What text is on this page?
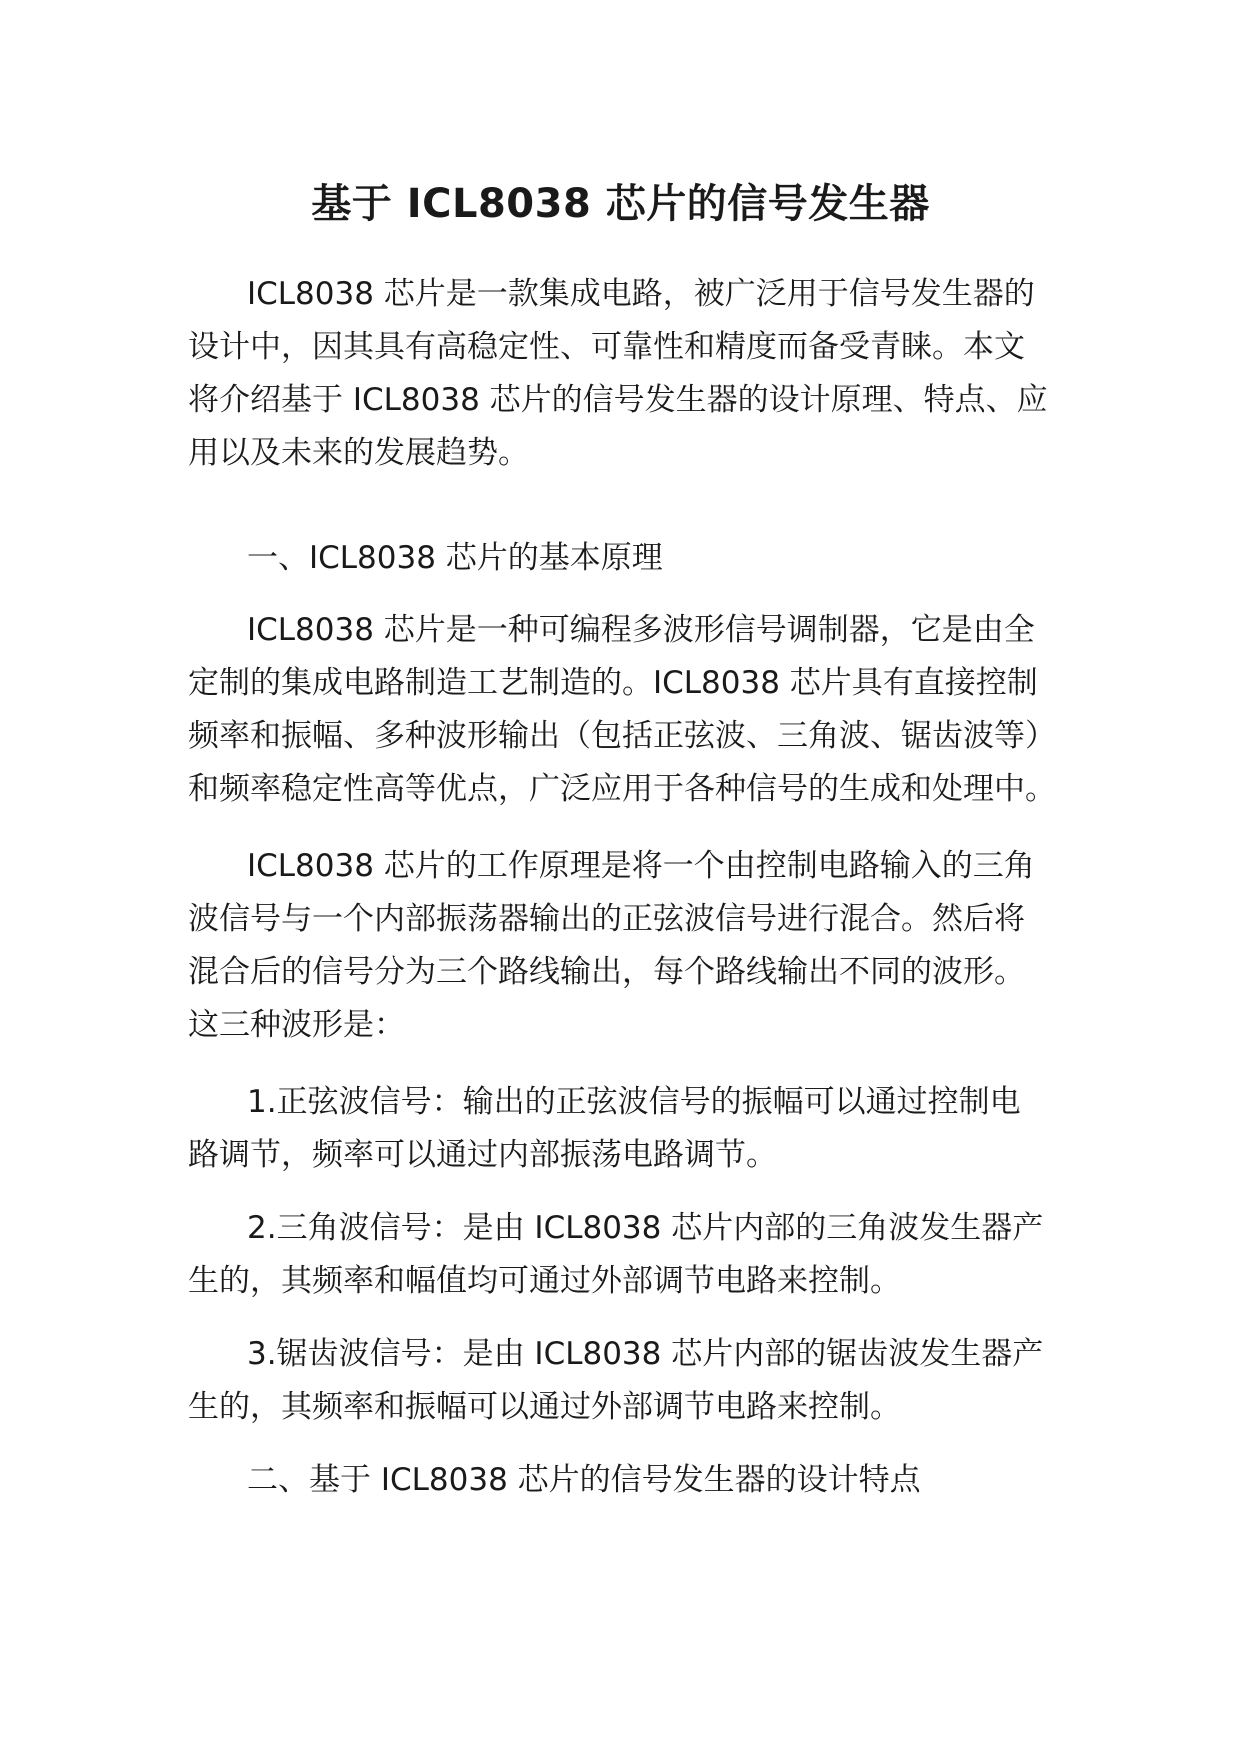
基于 ICL8038 芯片的信号发生器

ICL8038 芯片是一款集成电路，被广泛用于信号发生器的
设计中，因其具有高稳定性、可靠性和精度而备受青睐。本文
将介绍基于 ICL8038 芯片的信号发生器的设计原理、特点、应
用以及未来的发展趋势。

一、ICL8038 芯片的基本原理

ICL8038 芯片是一种可编程多波形信号调制器，它是由全
定制的集成电路制造工艺制造的。ICL8038 芯片具有直接控制
频率和振幅、多种波形输出（包括正弦波、三角波、锯齿波等）
和频率稳定性高等优点，广泛应用于各种信号的生成和处理中。

ICL8038 芯片的工作原理是将一个由控制电路输入的三角
波信号与一个内部振荡器输出的正弦波信号进行混合。然后将
混合后的信号分为三个路线输出，每个路线输出不同的波形。
这三种波形是：

1.正弦波信号：输出的正弦波信号的振幅可以通过控制电
路调节，频率可以通过内部振荡电路调节。

2.三角波信号：是由 ICL8038 芯片内部的三角波发生器产
生的，其频率和幅值均可通过外部调节电路来控制。

3.锯齿波信号：是由 ICL8038 芯片内部的锯齿波发生器产
生的，其频率和振幅可以通过外部调节电路来控制。

二、基于 ICL8038 芯片的信号发生器的设计特点
